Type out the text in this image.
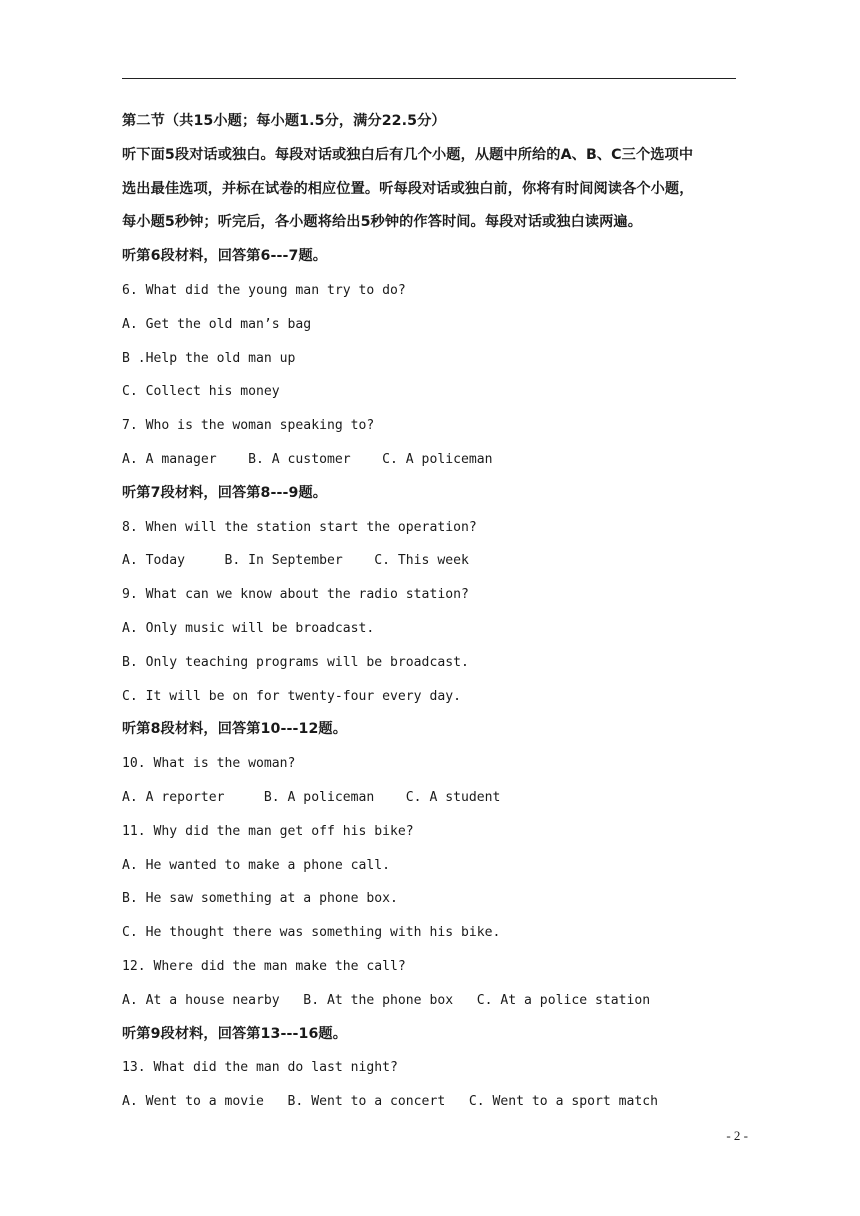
第二节（共15小题；每小题1.5分，满分22.5分）
听下面5段对话或独白。每段对话或独白后有几个小题，从题中所给的A、B、C三个选项中
选出最佳选项，并标在试卷的相应位置。听每段对话或独白前，你将有时间阅读各个小题，
每小题5秒钟；听完后，各小题将给出5秒钟的作答时间。每段对话或独白读两遍。
听第6段材料，回答第6---7题。
6. What did the young man try to do?
A. Get the old man’s bag
B .Help the old man up
C. Collect his money
7. Who is the woman speaking to?
A. A manager    B. A customer    C. A policeman
听第7段材料，回答第8---9题。
8. When will the station start the operation?
A. Today     B. In September    C. This week
9. What can we know about the radio station?
A. Only music will be broadcast.
B. Only teaching programs will be broadcast.
C. It will be on for twenty-four every day.
听第8段材料，回答第10---12题。
10. What is the woman?
A. A reporter     B. A policeman    C. A student
11. Why did the man get off his bike?
A. He wanted to make a phone call.
B. He saw something at a phone box.
C. He thought there was something with his bike.
12. Where did the man make the call?
A. At a house nearby   B. At the phone box   C. At a police station
听第9段材料，回答第13---16题。
13. What did the man do last night?
A. Went to a movie   B. Went to a concert   C. Went to a sport match
- 2 -
